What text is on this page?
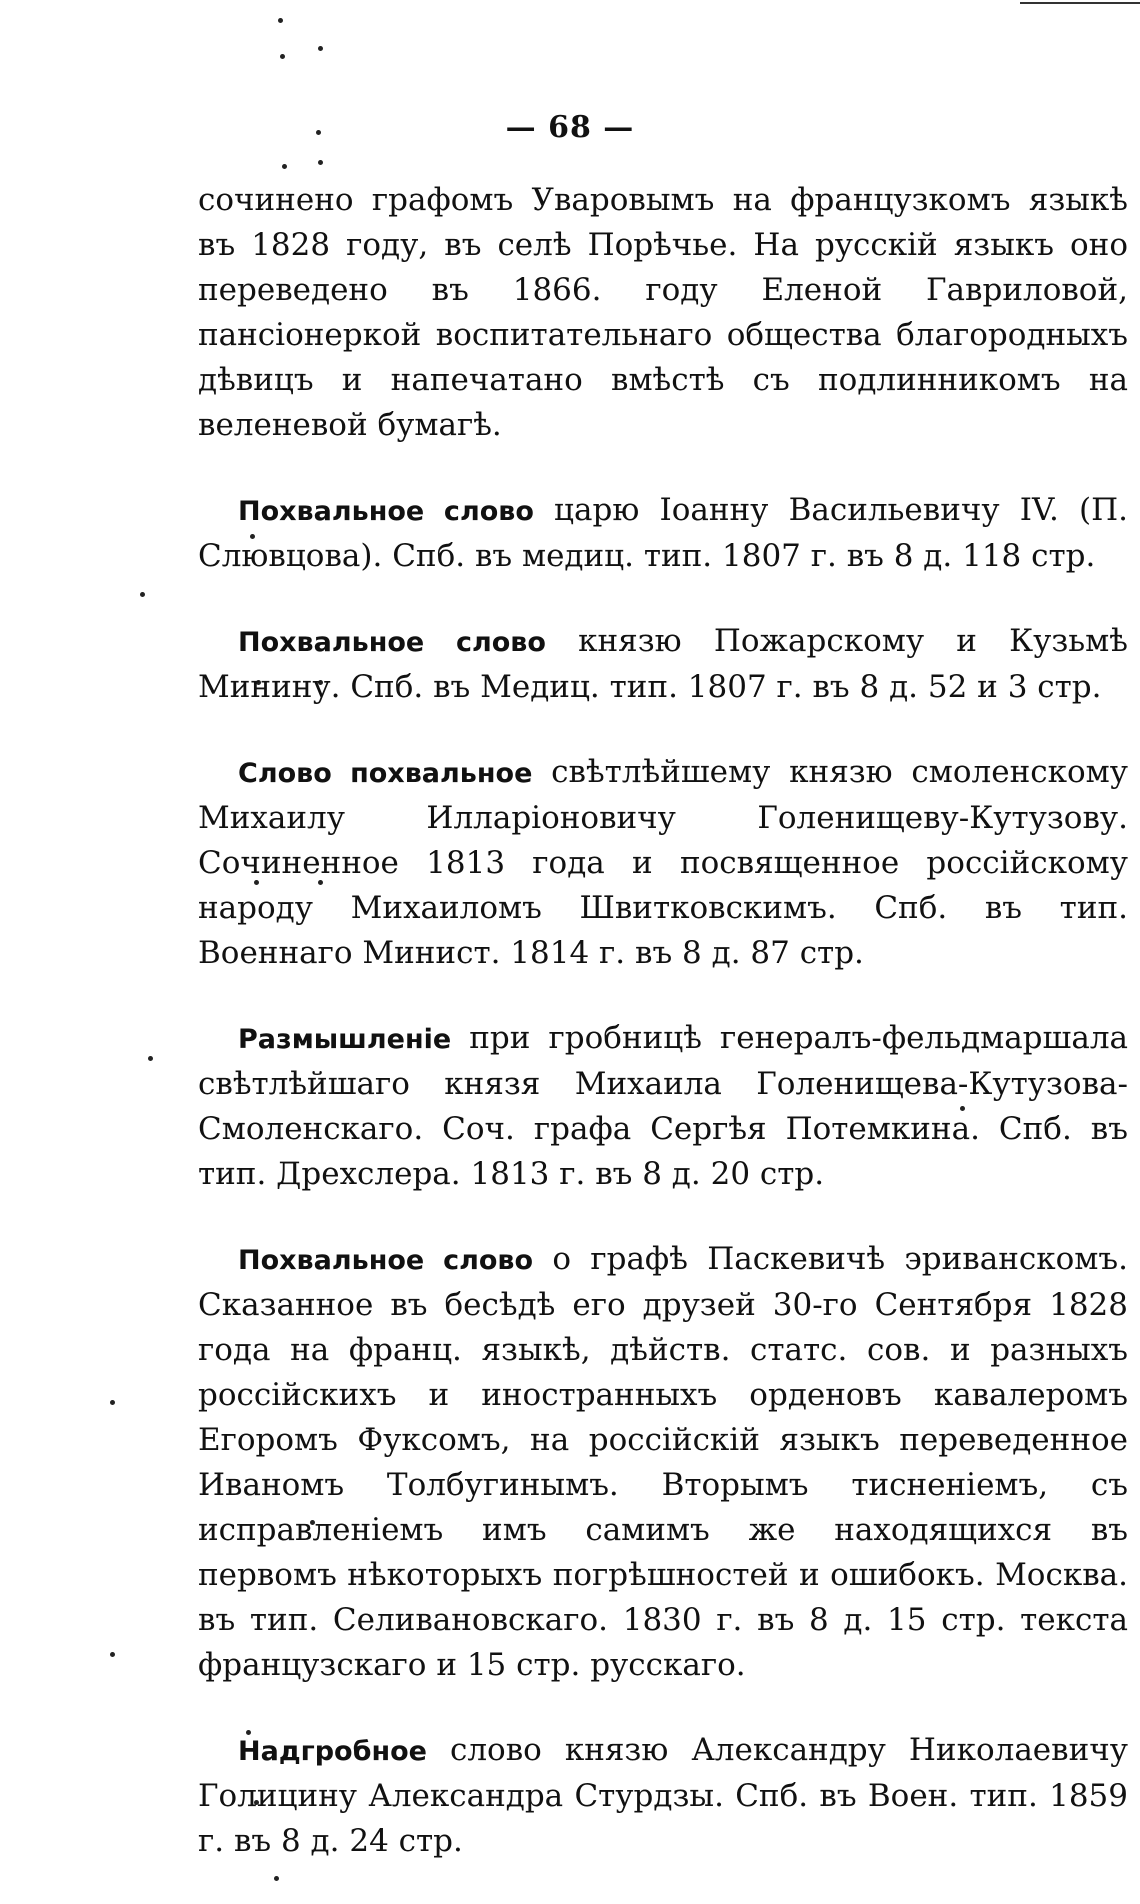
— 68 —

сочинено графомъ Уваровымъ на французкомъ языкѣ въ 1828 году, въ селѣ Порѣчье. На русскій языкъ оно переведено въ 1866. году Еленой Гавриловой, пансіонеркой воспитательнаго общества благородныхъ дѣвицъ и напечатано вмѣстѣ съ подлинникомъ на веленевой бумагѣ.

Похвальное слово царю Іоанну Васильевичу IV. (П. Слювцова). Спб. въ медиц. тип. 1807 г. въ 8 д. 118 стр.

Похвальное слово князю Пожарскому и Кузьмѣ Минину. Спб. въ Медиц. тип. 1807 г. въ 8 д. 52 и 3 стр.

Слово похвальное свѣтлѣйшему князю смоленскому Михаилу Илларіоновичу Голенищеву-Кутузову. Сочиненное 1813 года и посвященное россійскому народу Михаиломъ Швитковскимъ. Спб. въ тип. Военнаго Минист. 1814 г. въ 8 д. 87 стр.

Размышленіе при гробницѣ генералъ-фельдмаршала свѣтлѣйшаго князя Михаила Голенищева-Кутузова-Смоленскаго. Соч. графа Сергѣя Потемкина. Спб. въ тип. Дрехслера. 1813 г. въ 8 д. 20 стр.

Похвальное слово о графѣ Паскевичѣ эриванскомъ. Сказанное въ бесѣдѣ его друзей 30-го Сентября 1828 года на франц. языкѣ, дѣйств. статс. сов. и разныхъ россійскихъ и иностранныхъ орденовъ кавалеромъ Егоромъ Фуксомъ, на россійскій языкъ переведенное Иваномъ Толбугинымъ. Вторымъ тисненіемъ, съ исправленіемъ имъ самимъ же находящихся въ первомъ нѣкоторыхъ погрѣшностей и ошибокъ. Москва. въ тип. Селивановскаго. 1830 г. въ 8 д. 15 стр. текста французскаго и 15 стр. русскаго.

Надгробное слово князю Александру Николаевичу Голицину Александра Стурдзы. Спб. въ Воен. тип. 1859 г. въ 8 д. 24 стр.
